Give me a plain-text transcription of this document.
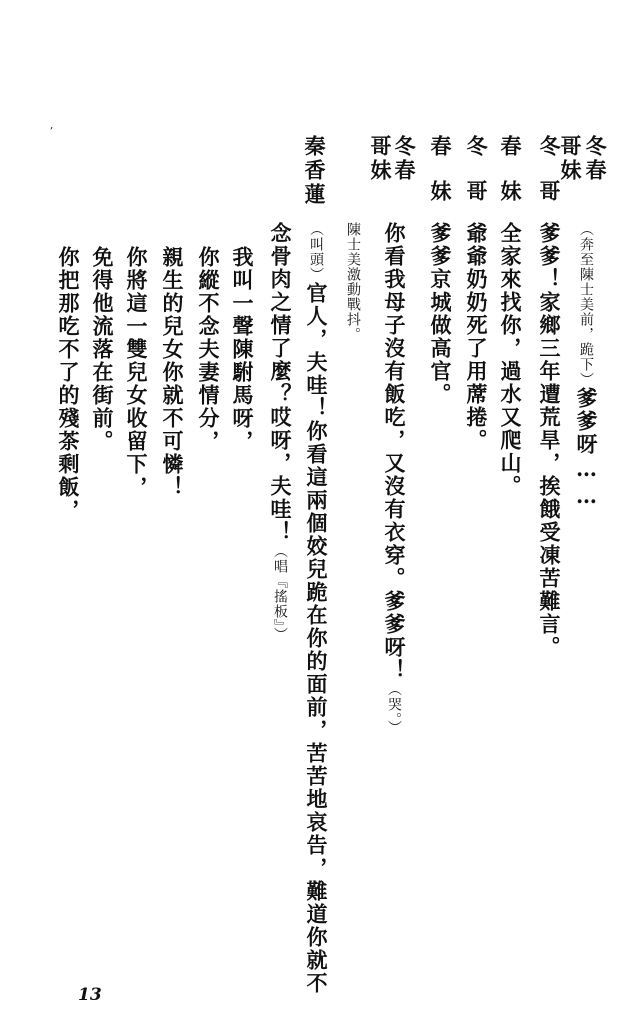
‚
冬春
哥妹
（奔至陳士美前，跪下）爹爹呀……
冬
哥
爹爹！家鄉三年遭荒旱，挨餓受凍苦難言。
春
妹
全家來找你，過水又爬山。
冬
哥
爺爺奶奶死了用蓆捲。
春
妹
爹爹京城做高官。
冬春
哥妹
你看我母子沒有飯吃，又沒有衣穿。爹爹呀！（哭。）
陳士美激動戰抖。
秦香蓮
（叫頭）官人，夫哇！你看這兩個姣兒跪在你的面前，苦苦地哀告，難道你就不
念骨肉之情了麼？哎呀，夫哇！（唱『搖板』）
我叫一聲陳駙馬呀，
你縱不念夫妻情分，
親生的兒女你就不可憐！
你將這一雙兒女收留下，
免得他流落在街前。
你把那吃不了的殘茶剩飯，
13
